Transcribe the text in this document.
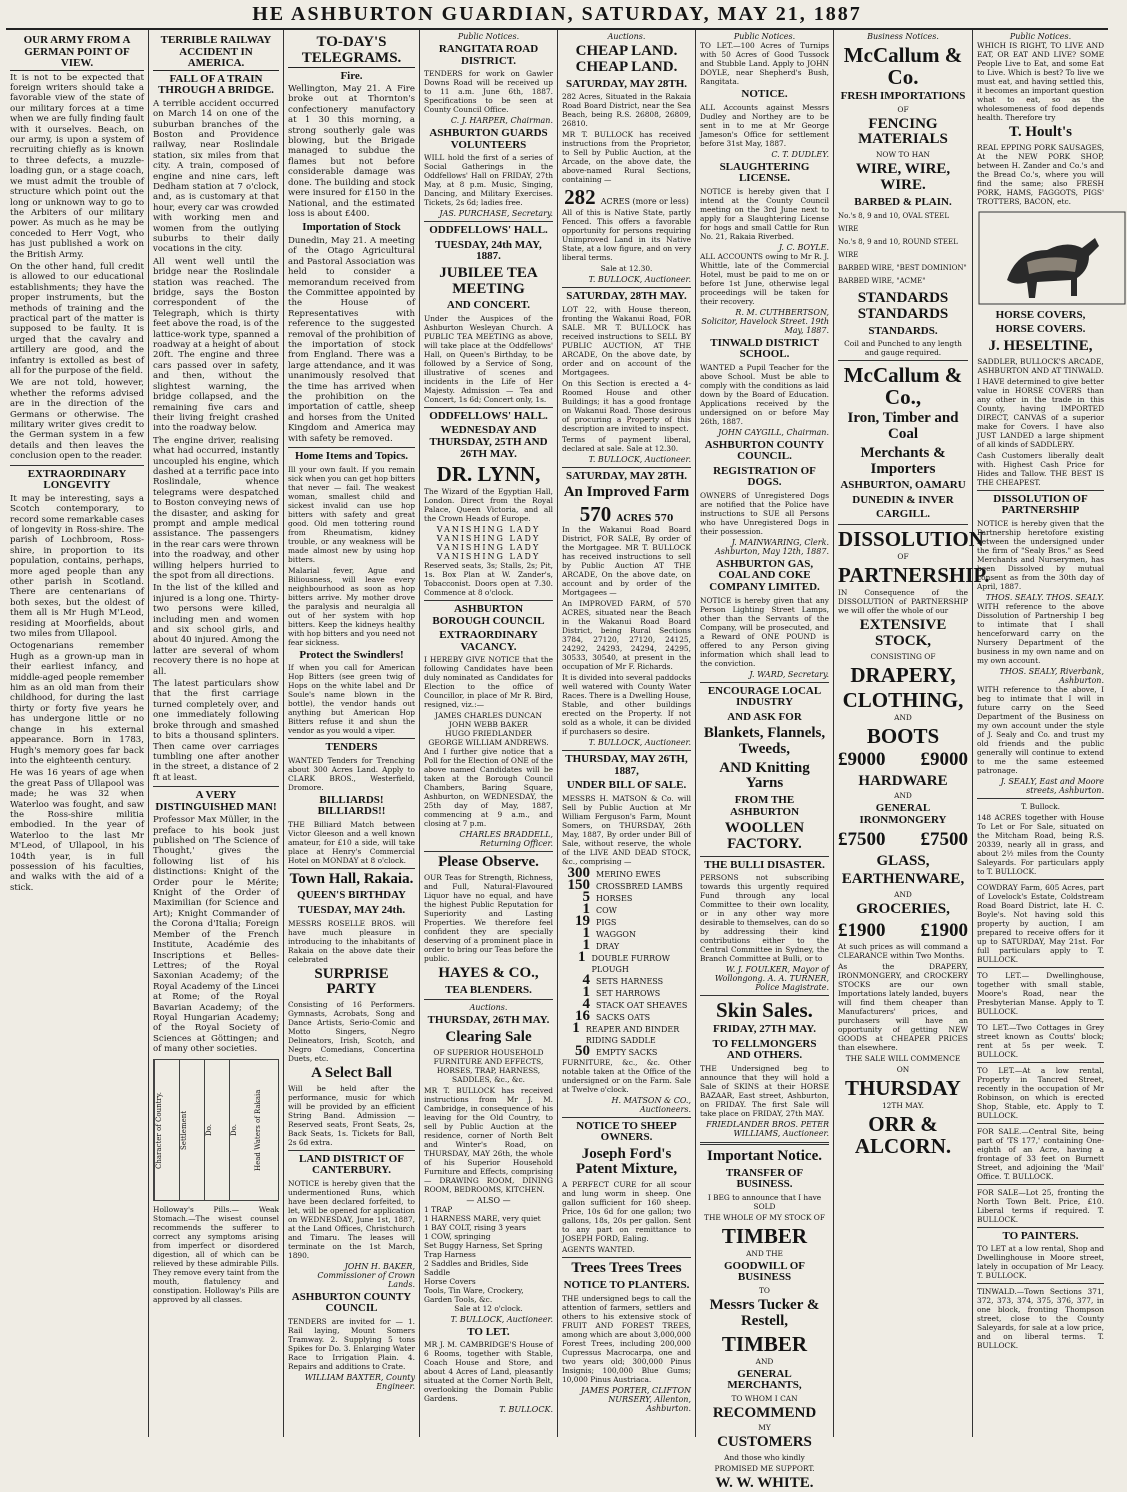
HE ASHBURTON GUARDIAN, SATURDAY, MAY 21, 1887
OUR ARMY FROM A GERMAN POINT OF VIEW.

It is not to be expected that foreign writers should take a favorable view of the state of our military forces at a time when we are fully finding fault with it ourselves. Beach, on our army, is upon a system of recruiting chiefly as is known to three defects, a muzzle-loading gun, or a stage coach, we must admit the trouble of structure which point out the long or unknown way to go to the Arbiters of our military power. As much as he may be conceded to Herr Vogt, who has just published a work on the British Army.

On the other hand, full credit is allowed to our educational establishments; they have the proper instruments, but the methods of training and the practical part of the matter is supposed to be faulty. It is urged that the cavalry and artillery are good, and the infantry is extolled as best of all for the purpose of the field.

We are not told, however, whether the reforms advised are in the direction of the Germans or otherwise. The military writer gives credit to the German system in a few details and then leaves the conclusion open to the reader.

EXTRAORDINARY LONGEVITY

It may be interesting, says a Scotch contemporary, to record some remarkable cases of longevity in Ross-shire. The parish of Lochbroom, Ross-shire, in proportion to its population, contains, perhaps, more aged people than any other parish in Scotland. There are centenarians of both sexes, but the oldest of them all is Mr Hugh M'Leod, residing at Moorfields, about two miles from Ullapool.

Octogenarians remember Hugh as a grown-up man in their earliest infancy, and middle-aged people remember him as an old man from their childhood, for during the last thirty or forty five years he has undergone little or no change in his external appearance. Born in 1783, Hugh's memory goes far back into the eighteenth century.

He was 16 years of age when the great Pass of Ullapool was made; he was 32 when Waterloo was fought, and saw the Ross-shire militia embodied. In the year of Waterloo to the last Mr M'Leod, of Ullapool, in his 104th year, is in full possession of his faculties, and walks with the aid of a stick.

TERRIBLE RAILWAY ACCIDENT IN AMERICA.
FALL OF A TRAIN THROUGH A BRIDGE.

A terrible accident occurred on March 14 on one of the suburban branches of the Boston and Providence railway, near Roslindale station, six miles from that city. A train, composed of engine and nine cars, left Dedham station at 7 o'clock, and, as is customary at that hour, every car was crowded with working men and women from the outlying suburbs to their daily vocations in the city.

All went well until the bridge near the Roslindale station was reached. The bridge, says the Boston correspondent of the Telegraph, which is thirty feet above the road, is of the lattice-work type, spanned a roadway at a height of about 20ft. The engine and three cars passed over in safety, and then, without the slightest warning, the bridge collapsed, and the remaining five cars and their living freight crashed into the roadway below.

The engine driver, realising what had occurred, instantly uncoupled his engine, which dashed at a terrific pace into Roslindale, whence telegrams were despatched to Boston conveying news of the disaster, and asking for prompt and ample medical assistance. The passengers in the rear cars were thrown into the roadway, and other willing helpers hurried to the spot from all directions.

In the list of the killed and injured is a long one. Thirty-two persons were killed, including men and women and six school girls, and about 40 injured. Among the latter are several of whom recovery there is no hope at all.

The latest particulars show that the first carriage turned completely over, and one immediately following broke through and smashed to bits a thousand splinters. Then came over carriages tumbling one after another in the street, a distance of 2 ft at least.

A VERY DISTINGUISHED MAN!

Professor Max Müller, in the preface to his book just published on 'The Science of Thought,' gives the following list of his distinctions: Knight of the Order pour le Mérite; Knight of the Order of Maximilian (for Science and Art); Knight Commander of the Corona d'Italia; Foreign Member of the French Institute, Académie des Inscriptions et Belles-Lettres; of the Royal Saxonian Academy; of the Royal Academy of the Lincei at Rome; of the Royal Bavarian Academy; of the Royal Hungarian Academy; of the Royal Society of Sciences at Göttingen; and of many other societies.

Character of Country.	Settlement	Do.	Do.	Head Waters of Rakaia

Holloway's Pills.— Weak Stomach.—The wisest counsel recommends the sufferer to correct any symptoms arising from imperfect or disordered digestion, all of which can be relieved by these admirable Pills. They remove every taint from the mouth, flatulency and constipation. Holloway's Pills are approved by all classes.

TO-DAY'S TELEGRAMS.
Fire.

Wellington, May 21. A Fire broke out at Thornton's confectionery manufactory at 1 30 this morning, a strong southerly gale was blowing, but the Brigade managed to subdue the flames but not before considerable damage was done. The building and stock were insured for £150 in the National, and the estimated loss is about £400.

Importation of Stock

Dunedin, May 21. A meeting of the Otago Agricultural and Pastoral Association was held to consider a memorandum received from the Committee appointed by the House of Representatives with reference to the suggested removal of the prohibition of the importation of stock from England. There was a large attendance, and it was unanimously resolved that the time has arrived when the prohibition on the importation of cattle, sheep and horses from the United Kingdom and America may with safety be removed.

Home Items and Topics.

Ill your own fault. If you remain sick when you can get hop bitters that never — fail. The weakest woman, smallest child and sickest invalid can use hop bitters with safety and great good. Old men tottering round from Rheumatism, kidney trouble, or any weakness will be made almost new by using hop bitters.

Malarial fever, Ague and Biliousness, will leave every neighbourhood as soon as hop bitters arrive. My mother drove the paralysis and neuralgia all out of her system with hop bitters. Keep the kidneys healthy with hop bitters and you need not fear sickness.

Protect the Swindlers!

If when you call for American Hop Bitters (see green twig of Hops on the white label and Dr Soule's name blown in the bottle), the vendor hands out anything but American Hop Bitters refuse it and shun the vendor as you would a viper.

TENDERS

WANTED Tenders for Trenching about 300 Acres Land. Apply to CLARK BROS., Westerfield, Dromore.

BILLIARDS! BILLIARDS!!

THE Billiard Match between Victor Gleeson and a well known amateur, for £10 a side, will take place at Henry's Commercial Hotel on MONDAY at 8 o'clock.

Town Hall, Rakaia.
QUEEN'S BIRTHDAY
TUESDAY, MAY 24th.

MESSRS ROSELLE BROS. will have much pleasure in introducing to the inhabitants of Rakaia on the above date their celebrated

SURPRISE PARTY

Consisting of 16 Performers. Gymnasts, Acrobats, Song and Dance Artists, Serio-Comic and Motto Singers, Negro Delineators, Irish, Scotch, and Negro Comedians, Concertina Duets, etc.

A Select Ball

Will be held after the performance, music for which will be provided by an efficient String Band. Admission — Reserved seats, Front Seats, 2s, Back Seats, 1s. Tickets for Ball, 2s 6d extra.

LAND DISTRICT OF CANTERBURY.

NOTICE is hereby given that the undermentioned Runs, which have been declared forfeited, to let, will be opened for application on WEDNESDAY, June 1st, 1887, at the Land Offices, Christchurch and Timaru. The leases will terminate on the 1st March, 1890.

JOHN H. BAKER, Commissioner of Crown Lands.
ASHBURTON COUNTY COUNCIL

TENDERS are invited for — 1. Rail laying, Mount Somers Tramway. 2. Supplying 5 tons Spikes for Do. 3. Enlarging Water Race to Irrigation Plain. 4. Repairs and additions to Crate.

WILLIAM BAXTER, County Engineer.
Public Notices.
RANGITATA ROAD DISTRICT.

TENDERS for work on Gawler Downs Road will be received up to 11 a.m. June 6th, 1887. Specifications to be seen at County Council Office.

C. J. HARPER, Chairman.
ASHBURTON GUARDS VOLUNTEERS

WILL hold the first of a series of Social Gatherings in the Oddfellows' Hall on FRIDAY, 27th May, at 8 p.m. Music, Singing, Dancing, and Military Exercises. Tickets, 2s 6d; ladies free.

JAS. PURCHASE, Secretary.
ODDFELLOWS' HALL.
TUESDAY, 24th MAY, 1887.
JUBILEE TEA MEETING
AND CONCERT.

Under the Auspices of the Ashburton Wesleyan Church. A PUBLIC TEA MEETING as above, will take place at the Oddfellows' Hall, on Queen's Birthday, to be followed by a Service of Song, illustrative of scenes and incidents in the Life of Her Majesty. Admission — Tea and Concert, 1s 6d; Concert only, 1s.

ODDFELLOWS' HALL.
WEDNESDAY AND THURSDAY, 25TH AND 26TH MAY.
DR. LYNN,

The Wizard of the Egyptian Hall, London. Direct from the Royal Palace, Queen Victoria, and all the Crown Heads of Europe.

VANISHING LADY
VANISHING LADY
VANISHING LADY
VANISHING LADY

Reserved seats, 3s; Stalls, 2s; Pit, 1s. Box Plan at W. Zander's, Tobacconist. Doors open at 7.30. Commence at 8 o'clock.

ASHBURTON BOROUGH COUNCIL
EXTRAORDINARY VACANCY.

I HEREBY GIVE NOTICE that the following Candidates have been duly nominated as Candidates for Election to the office of Councillor, in place of Mr R. Bird, resigned, viz.:—

JAMES CHARLES DUNCAN
JOHN WEBB BAKER
HUGO FRIEDLANDER
GEORGE WILLIAM ANDREWS.

And I further give notice that a Poll for the Election of ONE of the above named Candidates will be taken at the Borough Council Chambers, Baring Square, Ashburton, on WEDNESDAY, the 25th day of May, 1887, commencing at 9 a.m., and closing at 7 p.m.

CHARLES BRADDELL, Returning Officer.
Please Observe.

OUR Teas for Strength, Richness, and Full, Natural-Flavoured Liquor have no equal, and have the highest Public Reputation for Superiority and Lasting Properties. We therefore feel confident they are specially deserving of a prominent place in order to bring our Teas before the public.

HAYES & CO.,
TEA BLENDERS.
Auctions.
THURSDAY, 26TH MAY.
Clearing Sale

OF SUPERIOR HOUSEHOLD FURNITURE AND EFFECTS, HORSES, TRAP, HARNESS, SADDLES, &c., &c.

MR T. BULLOCK has received instructions from Mr J. M. Cambridge, in consequence of his leaving for the Old Country, to sell by Public Auction at the residence, corner of North Belt and Winter's Road, on THURSDAY, MAY 26th, the whole of his Superior Household Furniture and Effects, comprising — DRAWING ROOM, DINING ROOM, BEDROOMS, KITCHEN.

— ALSO —
1 TRAP
1 HARNESS MARE, very quiet
1 BAY COLT, rising 3 years
1 COW, springing
Set Buggy Harness, Set Spring Trap Harness
2 Saddles and Bridles, Side Saddle
Horse Covers
Tools, Tin Ware, Crockery, Garden Tools, &c.

Sale at 12 o'clock.

T. BULLOCK, Auctioneer.
TO LET.

MR J. M. CAMBRIDGE'S House of 6 Rooms, together with Stable, Coach House and Store, and about 4 Acres of Land, pleasantly situated at the Corner North Belt, overlooking the Domain Public Gardens.

T. BULLOCK.
Auctions.
CHEAP LAND. CHEAP LAND.
SATURDAY, MAY 28TH.

282 Acres, Situated in the Rakaia Road Board District, near the Sea Beach, being R.S. 26808, 26809, 26810.

MR T. BULLOCK has received instructions from the Proprietor, to Sell by Public Auction, at the Arcade, on the above date, the above-named Rural Sections, containing —

282 ACRES (more or less)

All of this is Native State, partly Fenced. This offers a favorable opportunity for persons requiring Unimproved Land in its Native State, at a low figure, and on very liberal terms.

Sale at 12.30.

T. BULLOCK, Auctioneer.
SATURDAY, 28TH MAY.

LOT 22, with House thereon, fronting the Wakanui Road, FOR SALE. MR T. BULLOCK has received instructions to SELL BY PUBLIC AUCTION, AT THE ARCADE, On the above date, by order and on account of the Mortgagees.

On this Section is erected a 4-Roomed House and other Buildings; it has a good frontage on Wakanui Road. Those desirous of procuring a Property of this description are invited to inspect.

Terms of payment liberal, declared at sale. Sale at 12.30.

T. BULLOCK, Auctioneer.
SATURDAY, MAY 28TH.
An Improved Farm
570 ACRES 570

In the Wakanui Road Board District, FOR SALE, By order of the Mortgagee. MR T. BULLOCK has received instructions to sell by Public Auction AT THE ARCADE, On the above date, on account and by order of the Mortgagees —

An IMPROVED FARM, of 570 ACRES, situated near the Beach in the Wakanui Road Board District, being Rural Sections 3784, 27120, 27120, 24125, 24292, 24293, 24294, 24295, 30533, 30540, at present in the occupation of Mr F. Richards.

It is divided into several paddocks well watered with County Water Races. There is a Dwelling House, Stable, and other buildings erected on the Property. If not sold as a whole, it can be divided if purchasers so desire.

T. BULLOCK, Auctioneer.
THURSDAY, MAY 26TH, 1887,
UNDER BILL OF SALE.

MESSRS H. MATSON & Co. will Sell by Public Auction at Mr William Ferguson's Farm, Mount Somers, on THURSDAY, 26th May, 1887, By order under Bill of Sale, without reserve, the whole of the LIVE AND DEAD STOCK, &c., comprising —

300 MERINO EWES
150 CROSSBRED LAMBS
5 HORSES
1 COW
19 PIGS
1 WAGGON
1 DRAY
1 DOUBLE FURROW PLOUGH
4 SETS HARNESS
1 SET HARROWS
4 STACK OAT SHEAVES
16 SACKS OATS
1 REAPER AND BINDER RIDING SADDLE
50 EMPTY SACKS

FURNITURE, &c., &c. Other notable taken at the Office of the undersigned or on the Farm. Sale at Twelve o'clock.

H. MATSON & CO., Auctioneers.
NOTICE TO SHEEP OWNERS.
Joseph Ford's Patent Mixture,

A PERFECT CURE for all scour and lung worm in sheep. One gallon sufficient for 160 sheep. Price, 10s 6d for one gallon; two gallons, 18s, 20s per gallon. Sent to any part on remittance to JOSEPH FORD, Ealing.

AGENTS WANTED.

Trees Trees Trees
NOTICE TO PLANTERS.

THE undersigned begs to call the attention of farmers, settlers and others to his extensive stock of FRUIT AND FOREST TREES, among which are about 3,000,000 Forest Trees, including 200,000 Cupressus Macrocarpa, one and two years old; 300,000 Pinus Insignis; 100,000 Blue Gums; 10,000 Pinus Austriaca.

JAMES PORTER, CLIFTON NURSERY, Allenton, Ashburton.
Public Notices.

TO LET.—100 Acres of Turnips with 50 Acres of Good Tussock and Stubble Land. Apply to JOHN DOYLE, near Shepherd's Bush, Rangitata.

NOTICE.

ALL Accounts against Messrs Dudley and Northey are to be sent in to me at Mr George Jameson's Office for settlement before 31st May, 1887.

C. T. DUDLEY.
SLAUGHTERING LICENSE.

NOTICE is hereby given that I intend at the County Council meeting on the 3rd June next to apply for a Slaughtering License for hogs and small Cattle for Run No. 21, Rakaia Riverbed.

J. C. BOYLE.

ALL ACCOUNTS owing to Mr R. J. Whittle, late of the Commercial Hotel, must be paid to me on or before 1st June, otherwise legal proceedings will be taken for their recovery.

R. M. CUTHBERTSON, Solicitor, Havelock Street. 19th May, 1887.
TINWALD DISTRICT SCHOOL.

WANTED a Pupil Teacher for the above School. Must be able to comply with the conditions as laid down by the Board of Education. Applications received by the undersigned on or before May 26th, 1887.

JOHN CAYGILL, Chairman.
ASHBURTON COUNTY COUNCIL.
REGISTRATION OF DOGS.

OWNERS of Unregistered Dogs are notified that the Police have instructions to SUE all Persons who have Unregistered Dogs in their possession.

J. MAINWARING, Clerk. Ashburton, May 12th, 1887.
ASHBURTON GAS, COAL AND COKE COMPANY LIMITED.

NOTICE is hereby given that any Person Lighting Street Lamps, other than the Servants of the Company, will be prosecuted, and a Reward of ONE POUND is offered to any Person giving information which shall lead to the conviction.

J. WARD, Secretary.
ENCOURAGE LOCAL INDUSTRY
AND ASK FOR
Blankets, Flannels, Tweeds,
AND Knitting Yarns
FROM THE ASHBURTON
WOOLLEN FACTORY.
THE BULLI DISASTER.

PERSONS not subscribing towards this urgently required Fund through any local Committee to their own locality, or in any other way more desirable to themselves, can do so by addressing their kind contributions either to the Central Committee in Sydney, the Branch Committee at Bulli, or to

W. J. FOULKER, Mayor of Wollongong. A. A. TURNER, Police Magistrate.
Skin Sales.
FRIDAY, 27TH MAY.
TO FELLMONGERS AND OTHERS.

THE Undersigned beg to announce that they will hold a Sale of SKINS at their HORSE BAZAAR, East street, Ashburton, on FRIDAY. The first Sale will take place on FRIDAY, 27th MAY.

FRIEDLANDER BROS. PETER WILLIAMS, Auctioneer.
Important Notice.
TRANSFER OF BUSINESS.

I BEG to announce that I have SOLD

THE WHOLE OF MY STOCK OF

TIMBER

AND THE

GOODWILL OF BUSINESS

TO

Messrs Tucker & Restell,
TIMBER

AND

GENERAL MERCHANTS,

TO WHOM I CAN

RECOMMEND

MY

CUSTOMERS

And those who kindly

PROMISED ME SUPPORT.

W. W. WHITE.
Business Notices.
McCallum & Co.
FRESH IMPORTATIONS

OF

FENCING MATERIALS

NOW TO HAN

WIRE, WIRE, WIRE.
BARBED & PLAIN.
No.'s 8, 9 and 10, OVAL STEEL WIRE
No.'s 8, 9 and 10, ROUND STEEL WIRE
BARBED WIRE, "BEST DOMINION"
BARBED WIRE, "ACME"
STANDARDS STANDARDS
STANDARDS.

Coil and Punched to any length and gauge required.

McCallum & Co.,
Iron, Timber and Coal
Merchants & Importers
ASHBURTON, OAMARU
DUNEDIN & INVER
CARGILL.
DISSOLUTION

OF

PARTNERSHIP.

IN Consequence of the DISSOLUTION of PARTNERSHIP we will offer the whole of our

EXTENSIVE STOCK,

CONSISTING OF

DRAPERY,
CLOTHING,

AND

BOOTS
£9000 £9000
HARDWARE

AND

GENERAL IRONMONGERY
£7500 £7500
GLASS,
EARTHENWARE,

AND

GROCERIES,
£1900 £1900

At such prices as will command a CLEARANCE within Two Months.

As the DRAPERY, IRONMONGERY, and CROCKERY STOCKS are our own Importations lately landed, buyers will find them cheaper than Manufacturers' prices, and purchasers will have an opportunity of getting NEW GOODS at CHEAPER PRICES than elsewhere.

THE SALE WILL COMMENCE

ON

THURSDAY

12TH MAY.

ORR & ALCORN.
Public Notices.

WHICH IS RIGHT, TO LIVE AND EAT, OR EAT AND LIVE? SOME People Live to Eat, and some Eat to Live. Which is best? To live we must eat, and having settled this, it becomes an important question what to eat, so as the wholesomeness of food depends health. Therefore try

T. Hoult's

REAL EPPING PORK SAUSAGES, At the NEW PORK SHOP, between H. Zander and Co.'s and the Bread Co.'s, where you will find the same; also FRESH PORK, HAMS, FAGGOTS, PIGS' TROTTERS, BACON, etc.

HORSE COVERS,
HORSE COVERS.
J. HESELTINE,

SADDLER, BULLOCK'S ARCADE, ASHBURTON AND AT TINWALD.

I HAVE determined to give better value in HORSE COVERS than any other in the trade in this County, having IMPORTED DIRECT, CANVAS of a superior make for Covers. I have also JUST LANDED a large shipment of all kinds of SADDLERY.

Cash Customers liberally dealt with. Highest Cash Price for Hides and Tallow. THE BEST IS THE CHEAPEST.

DISSOLUTION OF PARTNERSHIP

NOTICE is hereby given that the Partnership heretofore existing between the undersigned under the firm of "Sealy Bros." as Seed Merchants and Nurserymen, has been Dissolved by mutual consent as from the 30th day of April, 1887.

THOS. SEALY. THOS. SEALY.

WITH reference to the above Dissolution of Partnership I beg to intimate that I shall henceforward carry on the Nursery Department of the business in my own name and on my own account.

THOS. SEALY, Riverbank, Ashburton.

WITH reference to the above, I beg to intimate that I will in future carry on the Seed Department of the Business on my own account under the style of J. Sealy and Co. and trust my old friends and the public generally will continue to extend to me the same esteemed patronage.

J. SEALY, East and Moore streets, Ashburton.

T. Bullock.

148 ACRES together with House To Let or For Sale, situated on the Mitcham Road, being R.S. 20339, nearly all in grass, and about 2½ miles from the County Saleyards. For particulars apply to T. BULLOCK.

COWDRAY Farm, 605 Acres, part of Lovelock's Estate, Coldstream Road Board District, late H. C. Boyle's. Not having sold this property by auction, I am prepared to receive offers for it up to SATURDAY, May 21st. For full particulars apply to T. BULLOCK.

TO LET.— Dwellinghouse, together with small stable, Moore's Road, near the Presbyterian Manse. Apply to T. BULLOCK.

TO LET.—Two Cottages in Grey street known as Coutts' block; rent at 5s per week. T. BULLOCK.

TO LET.—At a low rental, Property in Tancred Street, recently in the occupation of Mr Robinson, on which is erected Shop, Stable, etc. Apply to T. BULLOCK.

FOR SALE.—Central Site, being part of 'TS 177,' containing One-eighth of an Acre, having a frontage of 33 feet on Burnett Street, and adjoining the 'Mail' Office. T. BULLOCK.

FOR SALE—Lot 25, fronting the North Town Belt. Price, £10. Liberal terms if required. T. BULLOCK.

TO PAINTERS.

TO LET at a low rental, Shop and Dwellinghouse in Moore street, lately in occupation of Mr Leacy. T. BULLOCK.

TINWALD.—Town Sections 371, 372, 373, 374, 375, 376, 377, in one block, fronting Thompson street, close to the County Saleyards, for sale at a low price, and on liberal terms. T. BULLOCK.
